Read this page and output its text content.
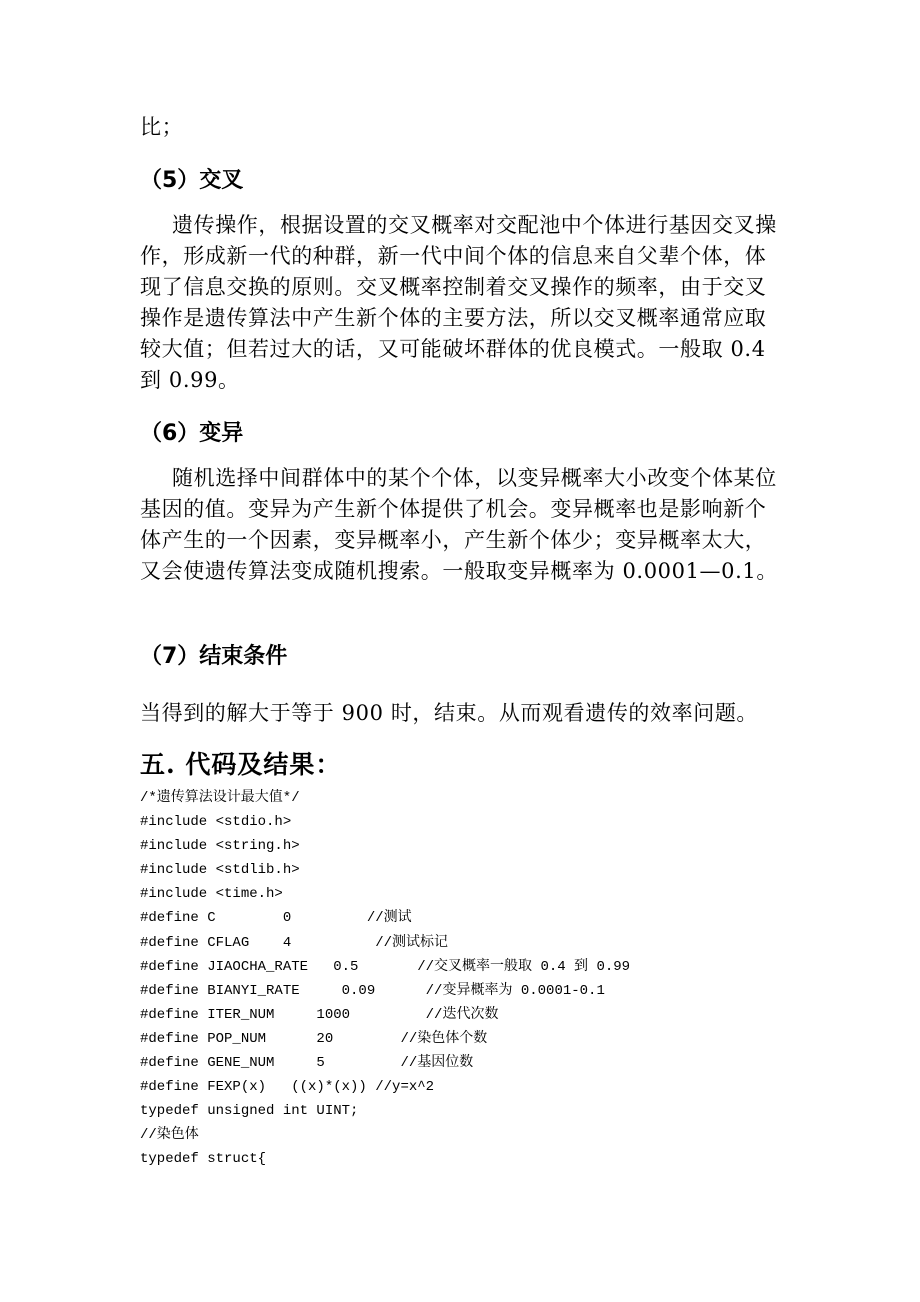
比；
（5）交叉
遗传操作，根据设置的交叉概率对交配池中个体进行基因交叉操作，形成新一代的种群，新一代中间个体的信息来自父辈个体，体现了信息交换的原则。交叉概率控制着交叉操作的频率，由于交叉操作是遗传算法中产生新个体的主要方法，所以交叉概率通常应取较大值；但若过大的话，又可能破坏群体的优良模式。一般取 0.4 到 0.99。
（6）变异
随机选择中间群体中的某个个体，以变异概率大小改变个体某位基因的值。变异为产生新个体提供了机会。变异概率也是影响新个体产生的一个因素，变异概率小，产生新个体少；变异概率太大，又会使遗传算法变成随机搜索。一般取变异概率为 0.0001—0.1。
（7）结束条件
当得到的解大于等于 900 时，结束。从而观看遗传的效率问题。
五. 代码及结果：
/*遗传算法设计最大值*/
#include <stdio.h>
#include <string.h>
#include <stdlib.h>
#include <time.h>
#define C        0         //测试
#define CFLAG    4          //测试标记
#define JIAOCHA_RATE   0.5       //交叉概率一般取 0.4 到 0.99
#define BIANYI_RATE     0.09      //变异概率为 0.0001-0.1
#define ITER_NUM     1000         //迭代次数
#define POP_NUM      20        //染色体个数
#define GENE_NUM     5         //基因位数
#define FEXP(x)   ((x)*(x)) //y=x^2
typedef unsigned int UINT;
//染色体
typedef struct{
